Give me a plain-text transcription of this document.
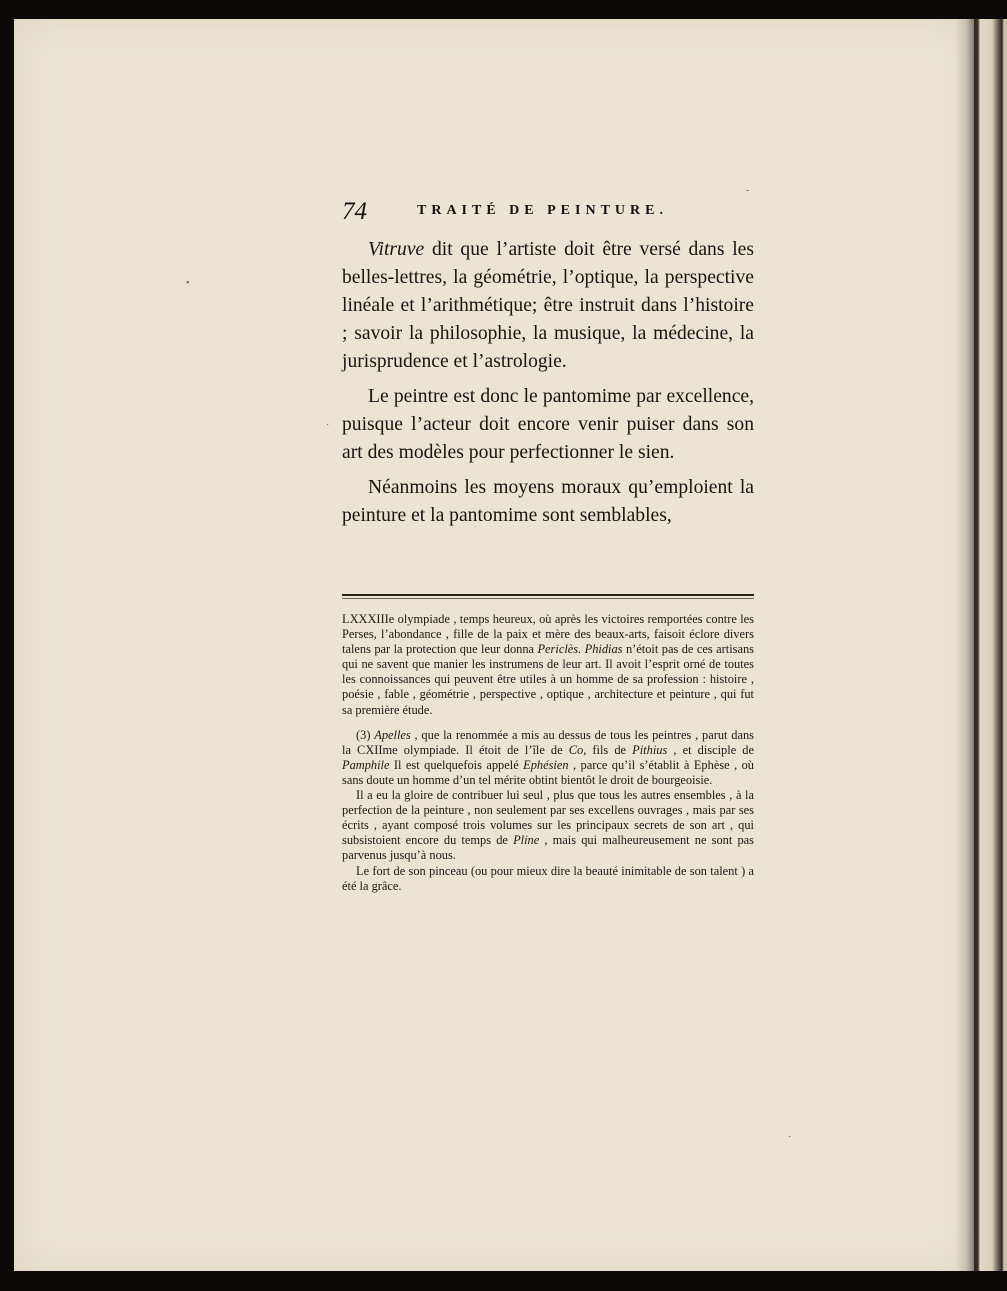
74	TRAITÉ DE PEINTURE.

Vitruve dit que l’artiste doit être versé dans les belles-lettres, la géométrie, l’optique, la perspective linéale et l’arithmétique; être instruit dans l’histoire ; savoir la philosophie, la musique, la médecine, la jurisprudence et l’astrologie.

Le peintre est donc le pantomime par excellence, puisque l’acteur doit encore venir puiser dans son art des modèles pour perfectionner le sien.

Néanmoins les moyens moraux qu’emploient la peinture et la pantomime sont semblables,

LXXXIIIe olympiade , temps heureux, où après les victoires remportées contre les Perses, l’abondance , fille de la paix et mère des beaux-arts, faisoit éclore divers talens par la protection que leur donna Periclès. Phidias n’étoit pas de ces artisans qui ne savent que manier les instrumens de leur art. Il avoit l’esprit orné de toutes les connoissances qui peuvent être utiles à un homme de sa profession : histoire , poésie , fable , géométrie , perspective , optique , architecture et peinture , qui fut sa première étude.

(3) Apelles , que la renommée a mis au dessus de tous les peintres , parut dans la CXIIme olympiade. Il étoit de l’île de Co, fils de Pithius , et disciple de Pamphile Il est quelquefois appelé Ephésien , parce qu’il s’établit à Ephèse , où sans doute un homme d’un tel mérite obtint bientôt le droit de bourgeoisie.

Il a eu la gloire de contribuer lui seul , plus que tous les autres ensembles , à la perfection de la peinture , non seulement par ses excellens ouvrages , mais par ses écrits , ayant composé trois volumes sur les principaux secrets de son art , qui subsistoient encore du temps de Pline , mais qui malheureusement ne sont pas parvenus jusqu’à nous.

Le fort de son pinceau (ou pour mieux dire la beauté inimitable de son talent ) a été la grâce.

•
·
-
·
